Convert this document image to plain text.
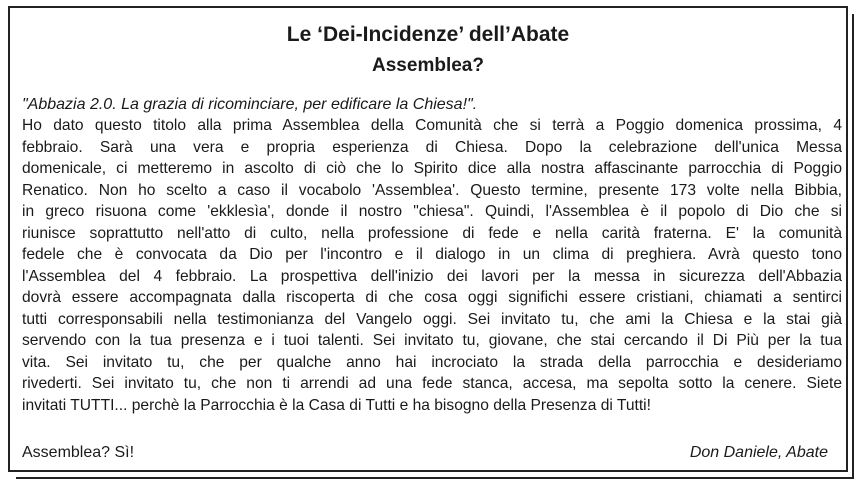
Le ‘Dei-Incidenze’ dell’Abate
Assemblea?

"Abbazia 2.0. La grazia di ricominciare, per edificare la Chiesa!".

Ho dato questo titolo alla prima Assemblea della Comunità che si terrà a Poggio domenica prossima, 4
febbraio. Sarà una vera e propria esperienza di Chiesa. Dopo la celebrazione dell'unica Messa
domenicale, ci metteremo in ascolto di ciò che lo Spirito dice alla nostra affascinante parrocchia di Poggio
Renatico. Non ho scelto a caso il vocabolo 'Assemblea'. Questo termine, presente 173 volte nella Bibbia,
in greco risuona come 'ekklesìa', donde il nostro "chiesa". Quindi, l'Assemblea è il popolo di Dio che si
riunisce soprattutto nell'atto di culto, nella professione di fede e nella carità fraterna. E' la comunità
fedele che è convocata da Dio per l'incontro e il dialogo in un clima di preghiera. Avrà questo tono
l'Assemblea del 4 febbraio. La prospettiva dell'inizio dei lavori per la messa in sicurezza dell'Abbazia
dovrà essere accompagnata dalla riscoperta di che cosa oggi significhi essere cristiani, chiamati a sentirci
tutti corresponsabili nella testimonianza del Vangelo oggi. Sei invitato tu, che ami la Chiesa e la stai già
servendo con la tua presenza e i tuoi talenti. Sei invitato tu, giovane, che stai cercando il Di Più per la tua
vita. Sei invitato tu, che per qualche anno hai incrociato la strada della parrocchia e desideriamo
rivederti. Sei invitato tu, che non ti arrendi ad una fede stanca, accesa, ma sepolta sotto la cenere. Siete
invitati TUTTI... perchè la Parrocchia è la Casa di Tutti e ha bisogno della Presenza di Tutti!
Assemblea? Sì!	Don Daniele, Abate
